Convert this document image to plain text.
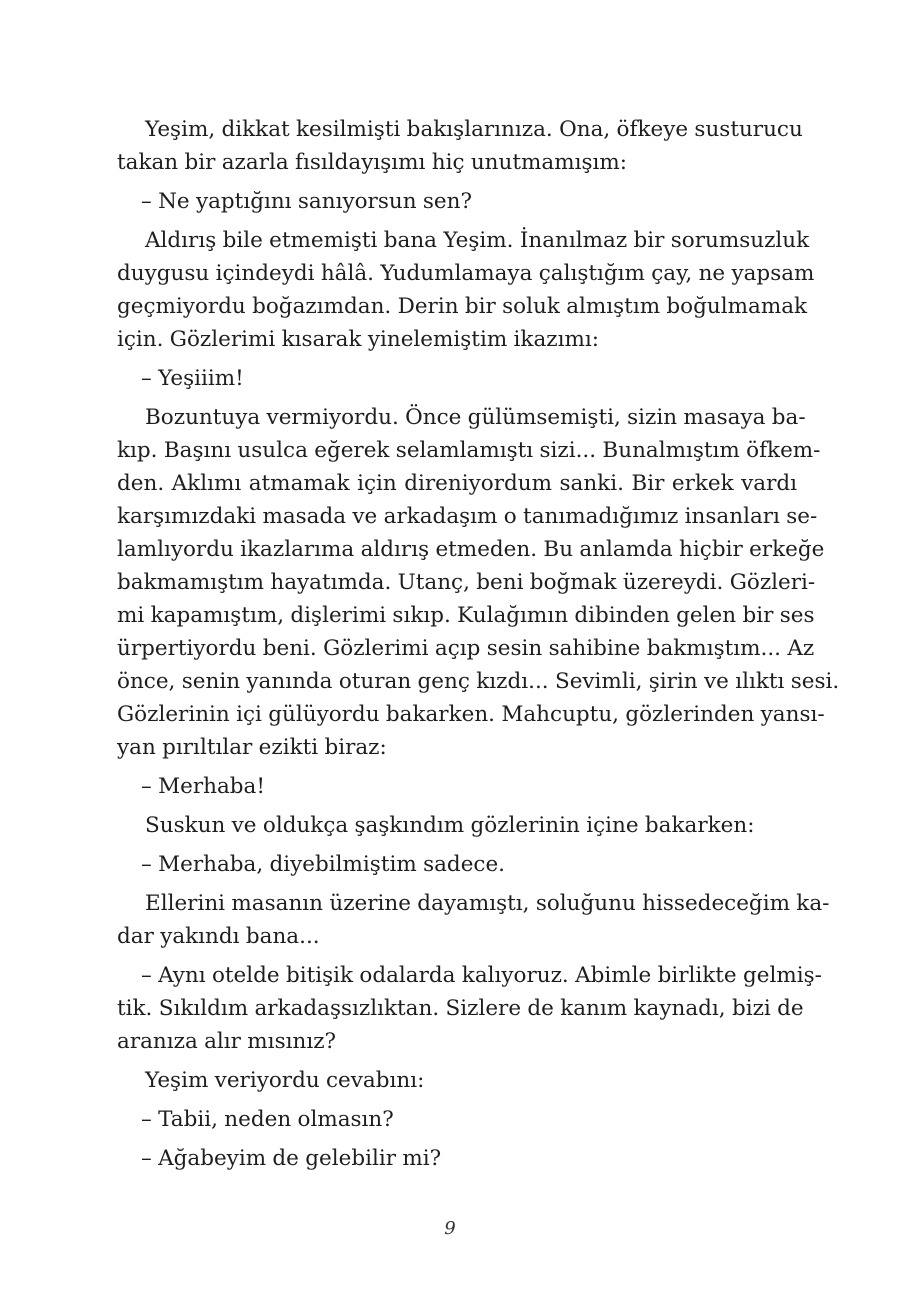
Yeşim, dikkat kesilmişti bakışlarınıza. Ona, öfkeye susturucu
takan bir azarla fısıldayışımı hiç unutmamışım:
– Ne yaptığını sanıyorsun sen?
Aldırış bile etmemişti bana Yeşim. İnanılmaz bir sorumsuzluk
duygusu içindeydi hâlâ. Yudumlamaya çalıştığım çay, ne yapsam
geçmiyordu boğazımdan. Derin bir soluk almıştım boğulmamak
için. Gözlerimi kısarak yinelemiştim ikazımı:
– Yeşiiim!
Bozuntuya vermiyordu. Önce gülümsemişti, sizin masaya ba-
kıp. Başını usulca eğerek selamlamıştı sizi... Bunalmıştım öfkem-
den. Aklımı atmamak için direniyordum sanki. Bir erkek vardı
karşımızdaki masada ve arkadaşım o tanımadığımız insanları se-
lamlıyordu ikazlarıma aldırış etmeden. Bu anlamda hiçbir erkeğe
bakmamıştım hayatımda. Utanç, beni boğmak üzereydi. Gözleri-
mi kapamıştım, dişlerimi sıkıp. Kulağımın dibinden gelen bir ses
ürpertiyordu beni. Gözlerimi açıp sesin sahibine bakmıştım... Az
önce, senin yanında oturan genç kızdı... Sevimli, şirin ve ılıktı sesi.
Gözlerinin içi gülüyordu bakarken. Mahcuptu, gözlerinden yansı-
yan pırıltılar ezikti biraz:
– Merhaba!
Suskun ve oldukça şaşkındım gözlerinin içine bakarken:
– Merhaba, diyebilmiştim sadece.
Ellerini masanın üzerine dayamıştı, soluğunu hissedeceğim ka-
dar yakındı bana...
– Aynı otelde bitişik odalarda kalıyoruz. Abimle birlikte gelmiş-
tik. Sıkıldım arkadaşsızlıktan. Sizlere de kanım kaynadı, bizi de
aranıza alır mısınız?
Yeşim veriyordu cevabını:
– Tabii, neden olmasın?
– Ağabeyim de gelebilir mi?
9
